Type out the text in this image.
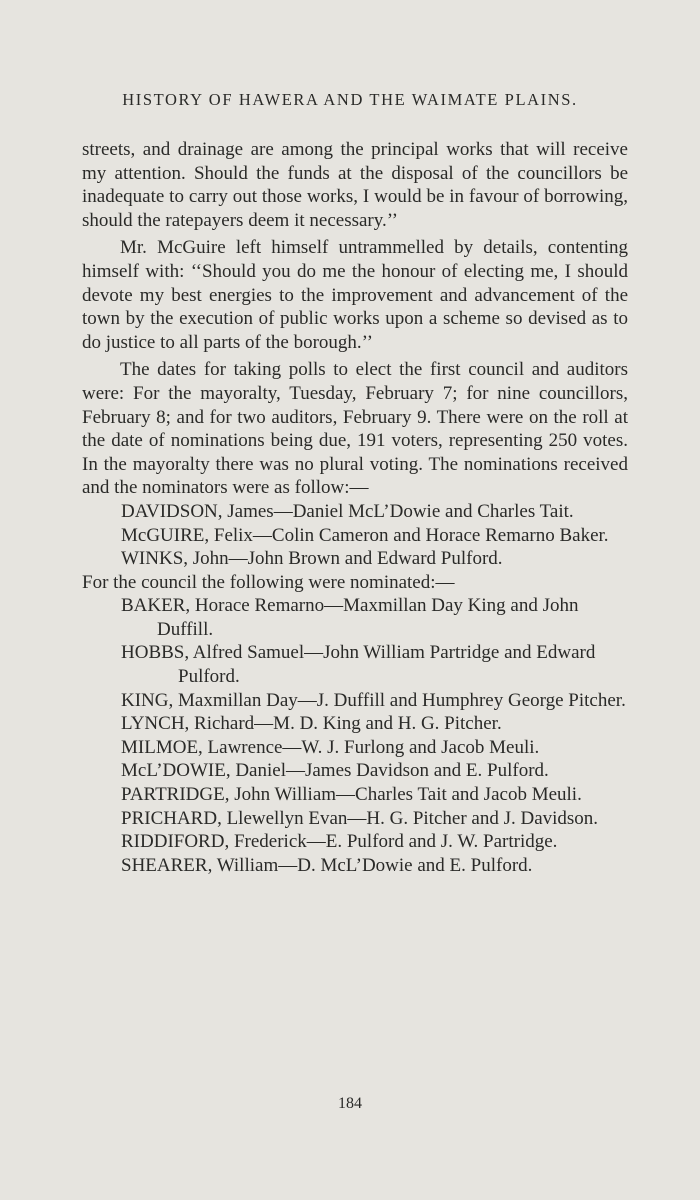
HISTORY OF HAWERA AND THE WAIMATE PLAINS.

streets, and drainage are among the principal works that will receive my attention. Should the funds at the disposal of the councillors be inadequate to carry out those works, I would be in favour of borrowing, should the ratepayers deem it necessary.’’

Mr. McGuire left himself untrammelled by details, contenting himself with: ‘‘Should you do me the honour of electing me, I should devote my best energies to the improvement and advancement of the town by the execution of public works upon a scheme so devised as to do justice to all parts of the borough.’’

The dates for taking polls to elect the first council and auditors were: For the mayoralty, Tuesday, February 7; for nine councillors, February 8; and for two auditors, February 9. There were on the roll at the date of nominations being due, 191 voters, representing 250 votes. In the mayoralty there was no plural voting. The nominations received and the nominators were as follow:—

DAVIDSON, James—Daniel McL’Dowie and Charles Tait.

McGUIRE, Felix—Colin Cameron and Horace Remarno Baker.

WINKS, John—John Brown and Edward Pulford.

For the council the following were nominated:—

BAKER, Horace Remarno—Maxmillan Day King and John Duffill.

HOBBS, Alfred Samuel—John William Partridge and Edward Pulford.

KING, Maxmillan Day—J. Duffill and Humphrey George Pitcher.

LYNCH, Richard—M. D. King and H. G. Pitcher.

MILMOE, Lawrence—W. J. Furlong and Jacob Meuli.

McL’DOWIE, Daniel—James Davidson and E. Pulford.

PARTRIDGE, John William—Charles Tait and Jacob Meuli.

PRICHARD, Llewellyn Evan—H. G. Pitcher and J. Davidson.

RIDDIFORD, Frederick—E. Pulford and J. W. Partridge.

SHEARER, William—D. McL’Dowie and E. Pulford.

184
